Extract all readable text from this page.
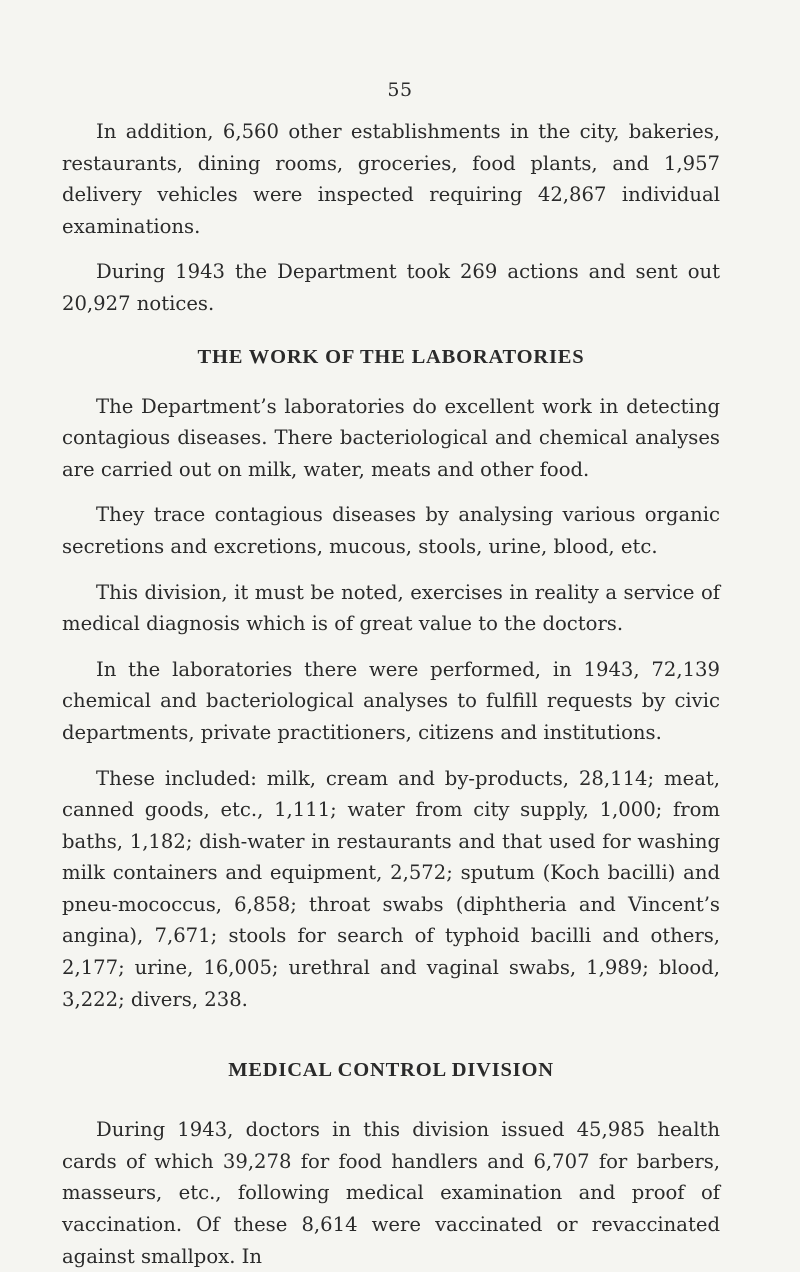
55

In addition, 6,560 other establishments in the city, bakeries, restaurants, dining rooms, groceries, food plants, and 1,957 delivery vehicles were inspected requiring 42,867 individual examinations.

During 1943 the Department took 269 actions and sent out 20,927 notices.

THE WORK OF THE LABORATORIES

The Department’s laboratories do excellent work in detecting contagious diseases. There bacteriological and chemical analyses are carried out on milk, water, meats and other food.

They trace contagious diseases by analysing various organic secretions and excretions, mucous, stools, urine, blood, etc.

This division, it must be noted, exercises in reality a service of medical diagnosis which is of great value to the doctors.

In the laboratories there were performed, in 1943, 72,139 chemical and bacteriological analyses to fulfill requests by civic departments, private practitioners, citizens and institutions.

These included: milk, cream and by-products, 28,114; meat, canned goods, etc., 1,111; water from city supply, 1,000; from baths, 1,182; dish-water in restaurants and that used for washing milk containers and equipment, 2,572; sputum (Koch bacilli) and pneu-mococcus, 6,858; throat swabs (diphtheria and Vincent’s angina), 7,671; stools for search of typhoid bacilli and others, 2,177; urine, 16,005; urethral and vaginal swabs, 1,989; blood, 3,222; divers, 238.

MEDICAL CONTROL DIVISION

During 1943, doctors in this division issued 45,985 health cards of which 39,278 for food handlers and 6,707 for barbers, masseurs, etc., following medical examination and proof of vaccination. Of these 8,614 were vaccinated or revaccinated against smallpox. In
